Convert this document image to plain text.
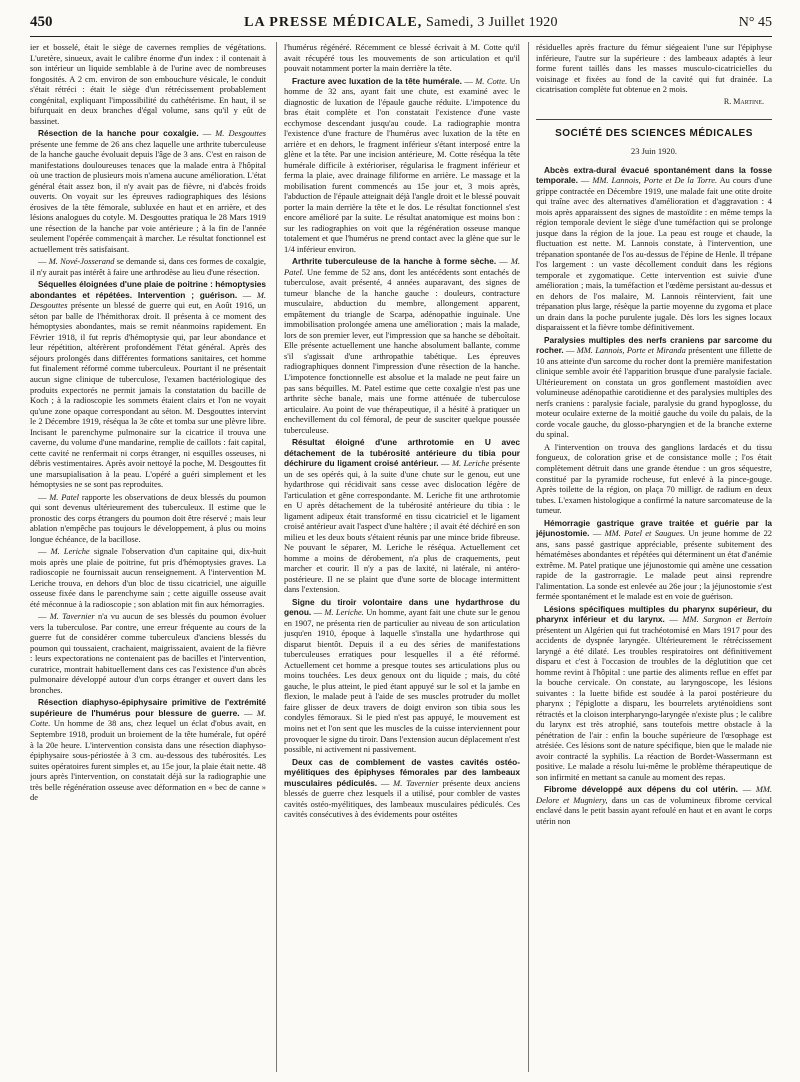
450	LA PRESSE MÉDICALE, Samedi, 3 Juillet 1920	N° 45

ier et bosselé, était le siège de cavernes remplies de végétations. L'uretère, sinueux, avait le calibre énorme d'un index : il contenait à son intérieur un liquide semblable à de l'urine avec de nombreuses fongosités. A 2 cm. environ de son embouchure vésicale, le conduit s'était rétréci : était le siège d'un rétrécissement probablement congénital, expliquant l'impossibilité du cathétérisme. En haut, il se bifurquait en deux branches d'égal volume, sans qu'il y eût de bassinet.

Résection de la hanche pour coxalgie. — M. Desgouttes présente une femme de 26 ans chez laquelle une arthrite tuberculeuse de la hanche gauche évoluait depuis l'âge de 3 ans. C'est en raison de manifestations douloureuses tenaces que la malade entra à l'hôpital où une traction de plusieurs mois n'amena aucune amélioration. L'état général était assez bon, il n'y avait pas de fièvre, ni d'abcès froids ouverts. On voyait sur les épreuves radiographiques des lésions érosives de la tête fémorale, subluxée en haut et en arrière, et des lésions analogues du cotyle. M. Desgouttes pratiqua le 28 Mars 1919 une résection de la hanche par voie antérieure ; à la fin de l'année seulement l'opérée commençait à marcher. Le résultat fonctionnel est actuellement très satisfaisant.

— M. Nové-Josserand se demande si, dans ces formes de coxalgie, il n'y aurait pas intérêt à faire une arthrodèse au lieu d'une résection.

Séquelles éloignées d'une plaie de poitrine : hémoptysies abondantes et répétées. Intervention ; guérison. — M. Desgouttes présente un blessé de guerre qui eut, en Août 1916, un séton par balle de l'hémithorax droit. Il présenta à ce moment des hémoptysies abondantes, mais se remit néanmoins rapidement. En Février 1918, il fut repris d'hémoptysie qui, par leur abondance et leur répétition, altérèrent profondément l'état général. Après des séjours prolongés dans différentes formations sanitaires, cet homme fut finalement réformé comme tuberculeux. Pourtant il ne présentait aucun signe clinique de tuberculose, l'examen bactériologique des produits expectorés ne permit jamais la constatation du bacille de Koch ; à la radioscopie les sommets étaient clairs et l'on ne voyait qu'une zone opaque correspondant au séton. M. Desgouttes intervint le 2 Décembre 1919, réséqua la 3e côte et tomba sur une plèvre libre. Incisant le parenchyme pulmonaire sur la cicatrice il trouva une caverne, du volume d'une mandarine, remplie de caillots : fait capital, cette cavité ne renfermait ni corps étranger, ni esquilles osseuses, ni débris vestimentaires. Après avoir nettoyé la poche, M. Desgouttes fit une marsupialisation à la peau. L'opéré a guéri simplement et les hémoptysies ne se sont pas reproduites.

— M. Patel rapporte les observations de deux blessés du poumon qui sont devenus ultérieurement des tuberculeux. Il estime que le pronostic des corps étrangers du poumon doit être réservé ; mais leur ablation n'empêche pas toujours le développement, à plus ou moins longue échéance, de la bacillose.

— M. Leriche signale l'observation d'un capitaine qui, dix-huit mois après une plaie de poitrine, fut pris d'hémoptysies graves. La radioscopie ne fournissait aucun renseignement. A l'intervention M. Leriche trouva, en dehors d'un bloc de tissu cicatriciel, une aiguille osseuse fixée dans le parenchyme sain ; cette aiguille osseuse avait été méconnue à la radioscopie ; son ablation mit fin aux hémorragies.

— M. Tavernier n'a vu aucun de ses blessés du poumon évoluer vers la tuberculose. Par contre, une erreur fréquente au cours de la guerre fut de considérer comme tuberculeux d'anciens blessés du poumon qui toussaient, crachaient, maigrissaient, avaient de la fièvre : leurs expectorations ne contenaient pas de bacilles et l'intervention, curatrice, montrait habituellement dans ces cas l'existence d'un abcès pulmonaire développé autour d'un corps étranger et ouvert dans les bronches.

Résection diaphyso-épiphysaire primitive de l'extrémité supérieure de l'humérus pour blessure de guerre. — M. Cotte. Un homme de 38 ans, chez lequel un éclat d'obus avait, en Septembre 1918, produit un broiement de la tête humérale, fut opéré à la 20e heure. L'intervention consista dans une résection diaphyso-épiphysaire sous-périostée à 3 cm. au-dessous des tubérosités. Les suites opératoires furent simples et, au 15e jour, la plaie était nette. 48 jours après l'intervention, on constatait déjà sur la radiographie une très belle régénération osseuse avec déformation en « bec de canne » de

l'humérus régénéré. Récemment ce blessé écrivait à M. Cotte qu'il avait récupéré tous les mouvements de son articulation et qu'il pouvait notamment porter la main derrière la tête.

Fracture avec luxation de la tête humérale. — M. Cotte. Un homme de 32 ans, ayant fait une chute, est examiné avec le diagnostic de luxation de l'épaule gauche réduite. L'impotence du bras était complète et l'on constatait l'existence d'une vaste ecchymose descendant jusqu'au coude. La radiographie montra l'existence d'une fracture de l'humérus avec luxation de la tête en arrière et en dehors, le fragment inférieur s'étant interposé entre la glène et la tête. Par une incision antérieure, M. Cotte réséqua la tête humérale difficile à extérioriser, régularisa le fragment inférieur et ferma la plaie, avec drainage filiforme en arrière. Le massage et la mobilisation furent commencés au 15e jour et, 3 mois après, l'abduction de l'épaule atteignait déjà l'angle droit et le blessé pouvait porter la main derrière la tête et le dos. Le résultat fonctionnel s'est encore amélioré par la suite. Le résultat anatomique est moins bon : sur les radiographies on voit que la régénération osseuse manque totalement et que l'humérus ne prend contact avec la glène que sur le 1/4 inférieur environ.

Arthrite tuberculeuse de la hanche à forme sèche. — M. Patel. Une femme de 52 ans, dont les antécédents sont entachés de tuberculose, avait présenté, 4 années auparavant, des signes de tumeur blanche de la hanche gauche : douleurs, contracture musculaire, abduction du membre, allongement apparent, empâtement du triangle de Scarpa, adénopathie inguinale. Une immobilisation prolongée amena une amélioration ; mais la malade, lors de son premier lever, eut l'impression que sa hanche se déboîtait. Elle présente actuellement une hanche absolument ballante, comme s'il s'agissait d'une arthropathie tabétique. Les épreuves radiographiques donnent l'impression d'une résection de la hanche. L'impotence fonctionnelle est absolue et la malade ne peut faire un pas sans béquilles. M. Patel estime que cette coxalgie n'est pas une arthrite sèche banale, mais une forme atténuée de tuberculose articulaire. Au point de vue thérapeutique, il a hésité à pratiquer un enchevillement du col fémoral, de peur de susciter quelque poussée tuberculeuse.

Résultat éloigné d'une arthrotomie en U avec détachement de la tubérosité antérieure du tibia pour déchirure du ligament croisé antérieur. — M. Leriche présente un de ses opérés qui, à la suite d'une chute sur le genou, eut une hydarthrose qui récidivait sans cesse avec dislocation légère de l'articulation et gêne correspondante. M. Leriche fit une arthrotomie en U après détachement de la tubérosité antérieure du tibia : le ligament adipeux était transformé en tissu cicatriciel et le ligament croisé antérieur avait l'aspect d'une haltère ; il avait été déchiré en son milieu et les deux bouts s'étaient réunis par une mince bride fibreuse. Ne pouvant le séparer, M. Leriche le réséqua. Actuellement cet homme a moins de dérobement, n'a plus de craquements, peut marcher et courir. Il n'y a pas de laxité, ni latérale, ni antéro-postérieure. Il ne se plaint que d'une sorte de blocage intermittent dans l'extension.

Signe du tiroir volontaire dans une hydarthrose du genou. — M. Leriche. Un homme, ayant fait une chute sur le genou en 1907, ne présenta rien de particulier au niveau de son articulation jusqu'en 1910, époque à laquelle s'installa une hydarthrose qui disparut bientôt. Depuis il a eu des séries de manifestations tuberculeuses erratiques pour lesquelles il a été réformé. Actuellement cet homme a presque toutes ses articulations plus ou moins touchées. Les deux genoux ont du liquide ; mais, du côté gauche, le plus atteint, le pied étant appuyé sur le sol et la jambe en flexion, le malade peut à l'aide de ses muscles protruder du mollet faire glisser de deux travers de doigt environ son tibia sous les condyles fémoraux. Si le pied n'est pas appuyé, le mouvement est moins net et l'on sent que les muscles de la cuisse interviennent pour provoquer le signe du tiroir. Dans l'extension aucun déplacement n'est possible, ni activement ni passivement.

Deux cas de comblement de vastes cavités ostéo-myélitiques des épiphyses fémorales par des lambeaux musculaires pédiculés. — M. Tavernier présente deux anciens blessés de guerre chez lesquels il a utilisé, pour combler de vastes cavités ostéo-myélitiques, des lambeaux musculaires pédiculés. Ces cavités consécutives à des évidements pour ostéites

résiduelles après fracture du fémur siégeaient l'une sur l'épiphyse inférieure, l'autre sur la supérieure : des lambeaux adaptés à leur forme furent taillés dans les masses musculo-cicatricielles du voisinage et fixées au fond de la cavité qui fut drainée. La cicatrisation complète fut obtenue en 2 mois.

R. Martine.
SOCIÉTÉ DES SCIENCES MÉDICALES
23 Juin 1920.

Abcès extra-dural évacué spontanément dans la fosse temporale. — MM. Lannois, Porte et De la Torre. Au cours d'une grippe contractée en Décembre 1919, une malade fait une otite droite qui traîne avec des alternatives d'amélioration et d'aggravation : 4 mois après apparaissent des signes de mastoïdite : en même temps la région temporale devient le siège d'une tuméfaction qui se prolonge jusque dans la région de la joue. La peau est rouge et chaude, la fluctuation est nette. M. Lannois constate, à l'intervention, une trépanation spontanée de l'os au-dessus de l'épine de Henle. Il trépane l'os largement : un vaste décollement conduit dans les régions temporale et zygomatique. Cette intervention est suivie d'une amélioration ; mais, la tuméfaction et l'œdème persistant au-dessus et en dehors de l'os malaire, M. Lannois réintervient, fait une trépanation plus large, résèque la partie moyenne du zygoma et place un drain dans la poche purulente jugale. Dès lors les signes locaux disparaissent et la fièvre tombe définitivement.

Paralysies multiples des nerfs craniens par sarcome du rocher. — MM. Lannois, Porte et Miranda présentent une fillette de 10 ans atteinte d'un sarcome du rocher dont la première manifestation clinique semble avoir été l'apparition brusque d'une paralysie faciale. Ultérieurement on constata un gros gonflement mastoïdien avec volumineuse adénopathie carotidienne et des paralysies multiples des nerfs craniens : paralysie faciale, paralysie du grand hypoglosse, du moteur oculaire externe de la moitié gauche du voile du palais, de la corde vocale gauche, du glosso-pharyngien et de la branche externe du spinal.

A l'intervention on trouva des ganglions lardacés et du tissu fongueux, de coloration grise et de consistance molle ; l'os était complètement détruit dans une grande étendue : un gros séquestre, constitué par la pyramide rocheuse, fut enlevé à la pince-gouge. Après toilette de la région, on plaça 70 milligr. de radium en deux tubes. L'examen histologique a confirmé la nature sarcomateuse de la tumeur.

Hémorragie gastrique grave traitée et guérie par la jéjunostomie. — MM. Patel et Saugues. Un jeune homme de 22 ans, sans passé gastrique appréciable, présente subitement des hématémèses abondantes et répétées qui déterminent un état d'anémie extrême. M. Patel pratique une jéjunostomie qui amène une cessation rapide de la gastrorragie. Le malade peut ainsi reprendre l'alimentation. La sonde est enlevée au 26e jour ; la jéjunostomie s'est fermée spontanément et le malade est en voie de guérison.

Lésions spécifiques multiples du pharynx supérieur, du pharynx inférieur et du larynx. — MM. Sargnon et Bertoin présentent un Algérien qui fut trachéotomisé en Mars 1917 pour des accidents de dyspnée laryngée. Ultérieurement le rétrécissement laryngé a été dilaté. Les troubles respiratoires ont définitivement disparu et c'est à l'occasion de troubles de la déglutition que cet homme revint à l'hôpital : une partie des aliments reflue en effet par la bouche cervicale. On constate, au laryngoscope, les lésions suivantes : la luette bifide est soudée à la paroi postérieure du pharynx ; l'épiglotte a disparu, les bourrelets aryténoïdiens sont rétractés et la cloison interpharyngo-laryngée n'existe plus ; le calibre du larynx est très atrophié, sans toutefois mettre obstacle à la pénétration de l'air : enfin la bouche supérieure de l'œsophage est atrésiée. Ces lésions sont de nature spécifique, bien que le malade nie avoir contracté la syphilis. La réaction de Bordet-Wassermann est positive. Le malade a résolu lui-même le problème thérapeutique de son infirmité en mettant sa canule au moment des repas.

Fibrome développé aux dépens du col utérin. — MM. Delore et Mugniery, dans un cas de volumineux fibrome cervical enclavé dans le petit bassin ayant refoulé en haut et en avant le corps utérin non
